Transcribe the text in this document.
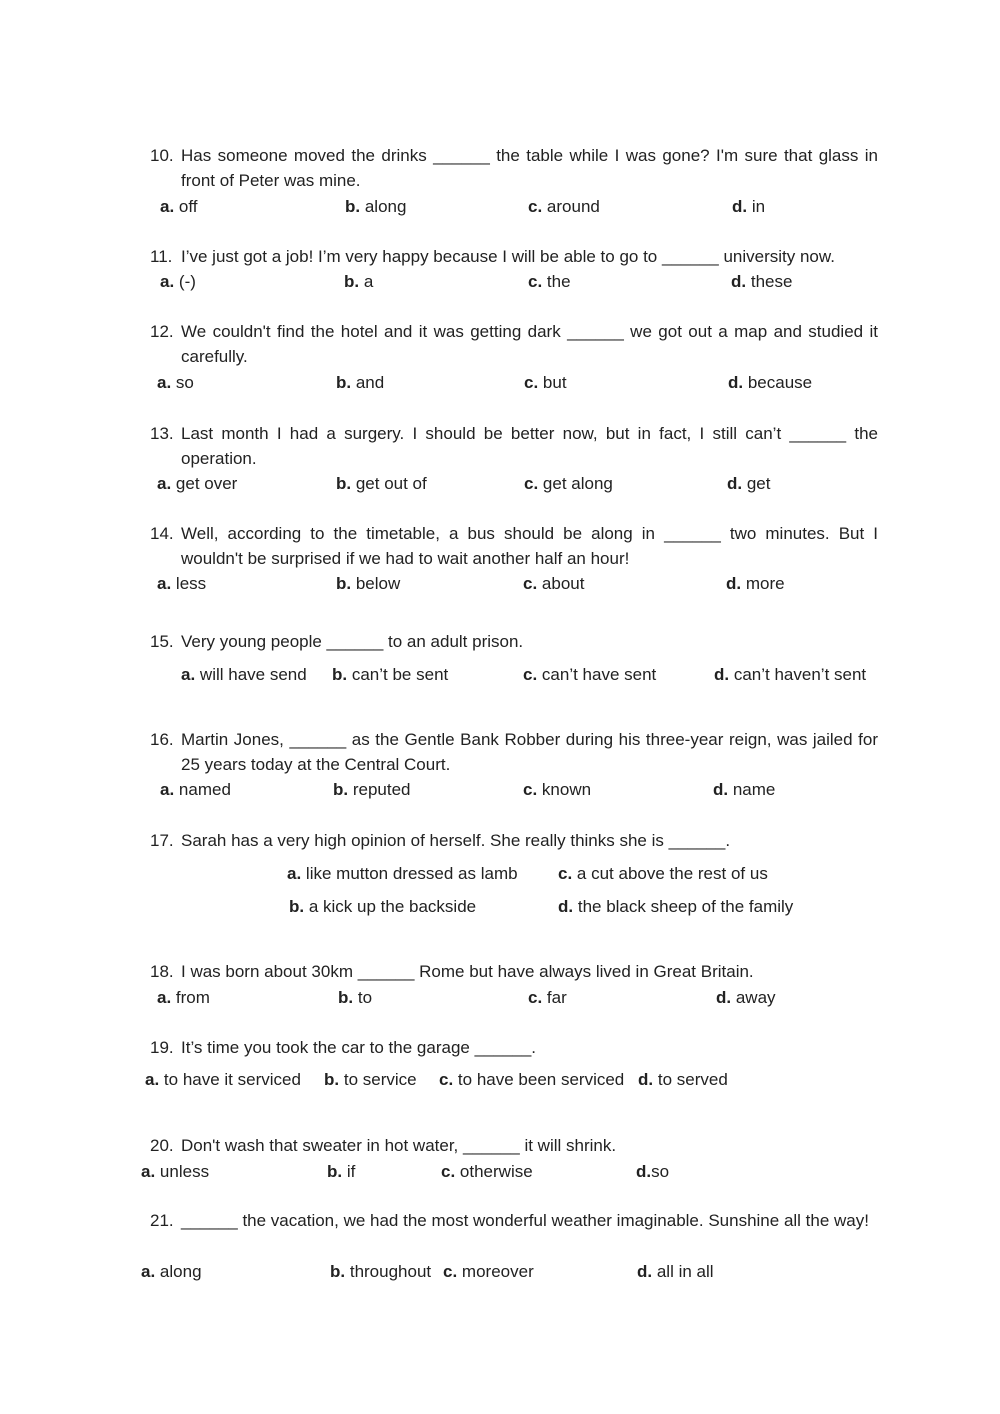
10. Has someone moved the drinks ______ the table while I was gone? I'm sure that glass in front of Peter was mine.
a. off	b. along	c. around	d. in
11. I’ve just got a job! I’m very happy because I will be able to go to ______ university now.
a. (-)	b. a	c. the	d. these
12. We couldn't find the hotel and it was getting dark ______ we got out a map and studied it carefully.
a. so	b. and	c. but	d. because
13. Last month I had a surgery. I should be better now, but in fact, I still can’t ______ the operation.
a. get over	b. get out of	c. get along	d. get
14. Well, according to the timetable, a bus should be along in ______ two minutes. But I wouldn't be surprised if we had to wait another half an hour!
a. less	b. below	c. about	d. more
15. Very young people ______ to an adult prison.
a. will have send b. can’t be sent	c. can’t have sent	d. can’t haven’t sent
16. Martin Jones, ______ as the Gentle Bank Robber during his three-year reign, was jailed for 25 years today at the Central Court.
a. named	b. reputed	c. known	d. name
17. Sarah has a very high opinion of herself. She really thinks she is ______.
a. like mutton dressed as lamb c. a cut above the rest of us
b. a kick up the backside	d. the black sheep of the family
18. I was born about 30km ______ Rome but have always lived in Great Britain.
a. from	b. to	c. far	d. away
19. It’s time you took the car to the garage ______.
a. to have it serviced b. to service c. to have been serviced d. to served
20. Don't wash that sweater in hot water, ______ it will shrink.
a. unless	b. if	c. otherwise	d.so
21. ______ the vacation, we had the most wonderful weather imaginable. Sunshine all the way!
a. along	b. throughout c. moreover	d. all in all
